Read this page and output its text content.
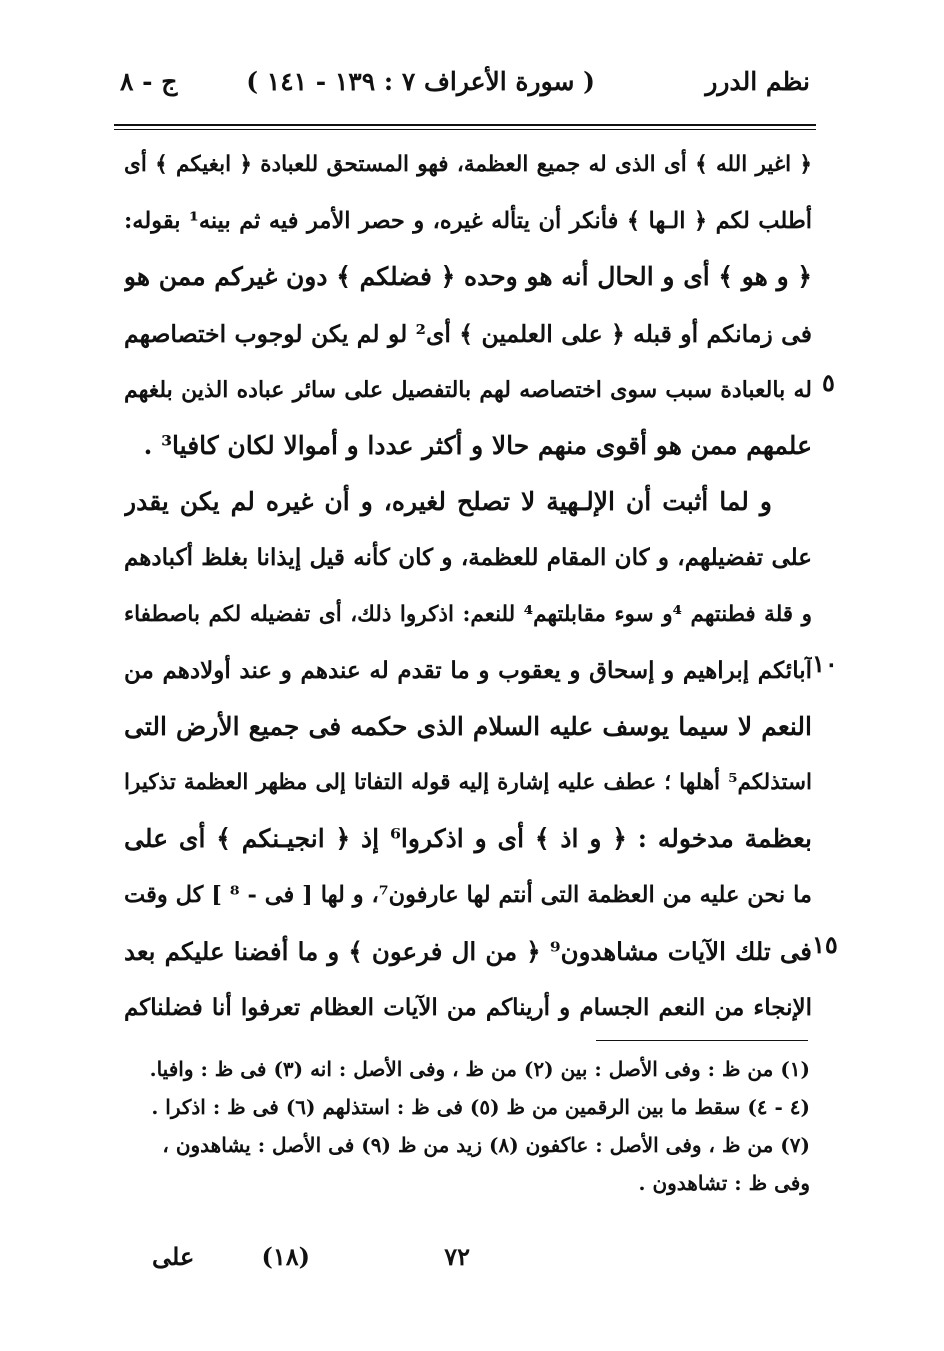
نظم الدرر
( سورة الأعراف ٧ : ١٣٩ - ١٤١ )
ج - ٨
﴿ اغير الله ﴾ أى الذى له جميع العظمة، فهو المستحق للعبادة ﴿ ابغيكم ﴾ أى
أطلب لكم ﴿ الـها ﴾ فأنكر أن يتأله غيره، و حصر الأمر فيه ثم بينه¹ بقوله:
﴿ و هو ﴾ أى و الحال أنه هو وحده ﴿ فضلكم ﴾ دون غيركم ممن هو
فى زمانكم أو قبله ﴿ على العلمين ﴾ أى² لو لم يكن لوجوب اختصاصهم
له بالعبادة سبب سوى اختصاصه لهم بالتفصيل على سائر عباده الذين بلغهم
علمهم ممن هو أقوى منهم حالا و أكثر عددا و أموالا لكان كافيا³ .
و لما أثبت أن الإلـهية لا تصلح لغيره، و أن غيره لم يكن يقدر
على تفضيلهم، و كان المقام للعظمة، و كان كأنه قيل إيذانا بغلظ أكبادهم
و قلة فطنتهم ⁴و سوء مقابلتهم⁴ للنعم: اذكروا ذلك، أى تفضيله لكم باصطفاء
آبائكم إبراهيم و إسحاق و يعقوب و ما تقدم له عندهم و عند أولادهم من
النعم لا سيما يوسف عليه السلام الذى حكمه فى جميع الأرض التى
استذلكم⁵ أهلها ؛ عطف عليه إشارة إليه قوله التفاتا إلى مظهر العظمة تذكيرا
بعظمة مدخوله : ﴿ و اذ ﴾ أى و اذكروا⁶ إذ ﴿ انجيـنكم ﴾ أى على
ما نحن عليه من العظمة التى أنتم لها عارفون⁷، و لها [ فى - ⁸ ] كل وقت
فى تلك الآيات مشاهدون⁹ ﴿ من ال فرعون ﴾ و ما أفضنا عليكم بعد
الإنجاء من النعم الجسام و أريناكم من الآيات العظام تعرفوا أنا فضلناكم
٥
١٠
١٥
(١) من ظ : وفى الأصل : بين (٢) من ظ ، وفى الأصل : انه (٣) فى ظ : وافيا.
(٤ - ٤) سقط ما بين الرقمين من ظ (٥) فى ظ : استذلهم (٦) فى ظ : اذكرا .
(٧) من ظ ، وفى الأصل : عاكفون (٨) زيد من ظ (٩) فى الأصل : يشاهدون ،
وفى ظ : تشاهدون .
٧٢
(١٨)
على
